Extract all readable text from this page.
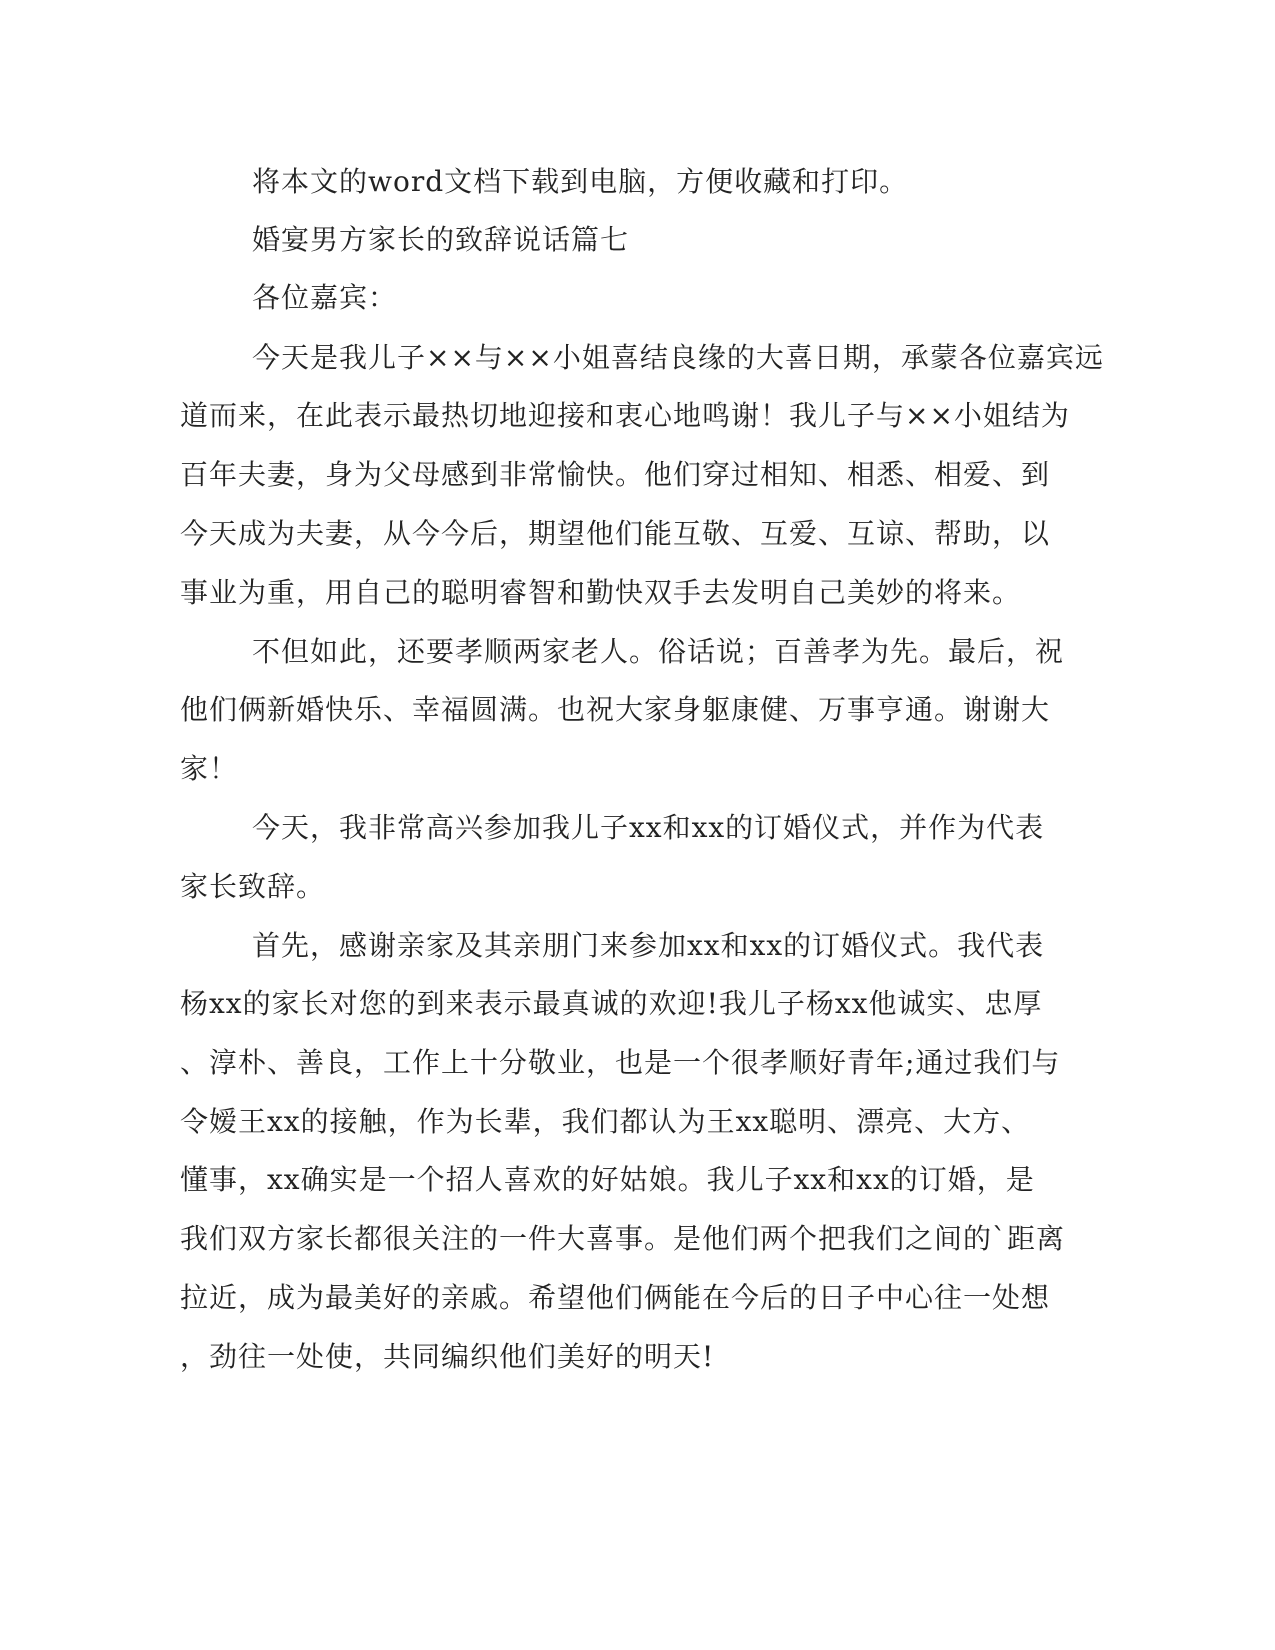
将本文的word文档下载到电脑，方便收藏和打印。
婚宴男方家长的致辞说话篇七
各位嘉宾：
今天是我儿子××与××小姐喜结良缘的大喜日期，承蒙各位嘉宾远
道而来，在此表示最热切地迎接和衷心地鸣谢！我儿子与××小姐结为
百年夫妻，身为父母感到非常愉快。他们穿过相知、相悉、相爱、到
今天成为夫妻，从今今后，期望他们能互敬、互爱、互谅、帮助，以
事业为重，用自己的聪明睿智和勤快双手去发明自己美妙的将来。
不但如此，还要孝顺两家老人。俗话说；百善孝为先。最后，祝
他们俩新婚快乐、幸福圆满。也祝大家身躯康健、万事亨通。谢谢大
家！
今天，我非常高兴参加我儿子xx和xx的订婚仪式，并作为代表
家长致辞。
首先，感谢亲家及其亲朋门来参加xx和xx的订婚仪式。我代表
杨xx的家长对您的到来表示最真诚的欢迎!我儿子杨xx他诚实、忠厚
、淳朴、善良，工作上十分敬业，也是一个很孝顺好青年;通过我们与
令嫒王xx的接触，作为长辈，我们都认为王xx聪明、漂亮、大方、
懂事，xx确实是一个招人喜欢的好姑娘。我儿子xx和xx的订婚，是
我们双方家长都很关注的一件大喜事。是他们两个把我们之间的`距离
拉近，成为最美好的亲戚。希望他们俩能在今后的日子中心往一处想
，劲往一处使，共同编织他们美好的明天!
